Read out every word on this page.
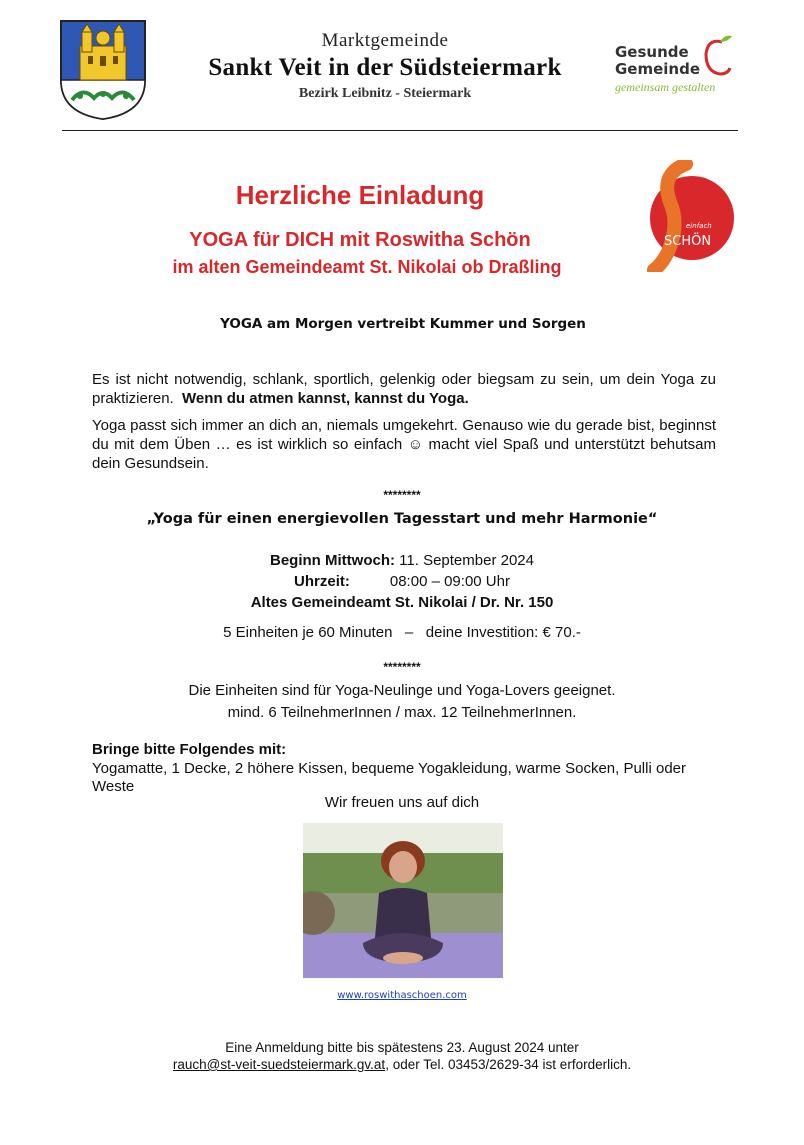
Marktgemeinde
Sankt Veit in der Südsteiermark
Bezirk Leibnitz - Steiermark
Gesunde
Gemeinde
gemeinsam gestalten
Herzliche Einladung
YOGA für DICH mit Roswitha Schön
im alten Gemeindeamt St. Nikolai ob Draßling
einfach
SCHÖN
YOGA am Morgen vertreibt Kummer und Sorgen
Es ist nicht notwendig, schlank, sportlich, gelenkig oder biegsam zu sein, um dein Yoga zu praktizieren. Wenn du atmen kannst, kannst du Yoga.
Yoga passt sich immer an dich an, niemals umgekehrt. Genauso wie du gerade bist, beginnst du mit dem Üben … es ist wirklich so einfach ☺ macht viel Spaß und unterstützt behutsam dein Gesundsein.
********
„Yoga für einen energievollen Tagesstart und mehr Harmonie“
Beginn Mittwoch: 11. September 2024
Uhrzeit:	08:00 – 09:00 Uhr
Altes Gemeindeamt St. Nikolai / Dr. Nr. 150
5 Einheiten je 60 Minuten   –   deine Investition: € 70.-
********
Die Einheiten sind für Yoga-Neulinge und Yoga-Lovers geeignet.
mind. 6 TeilnehmerInnen / max. 12 TeilnehmerInnen.
Bringe bitte Folgendes mit:
Yogamatte, 1 Decke, 2 höhere Kissen, bequeme Yogakleidung, warme Socken, Pulli oder Weste
Wir freuen uns auf dich
www.roswithaschoen.com
Eine Anmeldung bitte bis spätestens 23. August 2024 unter
rauch@st-veit-suedsteiermark.gv.at, oder Tel. 03453/2629-34 ist erforderlich.
